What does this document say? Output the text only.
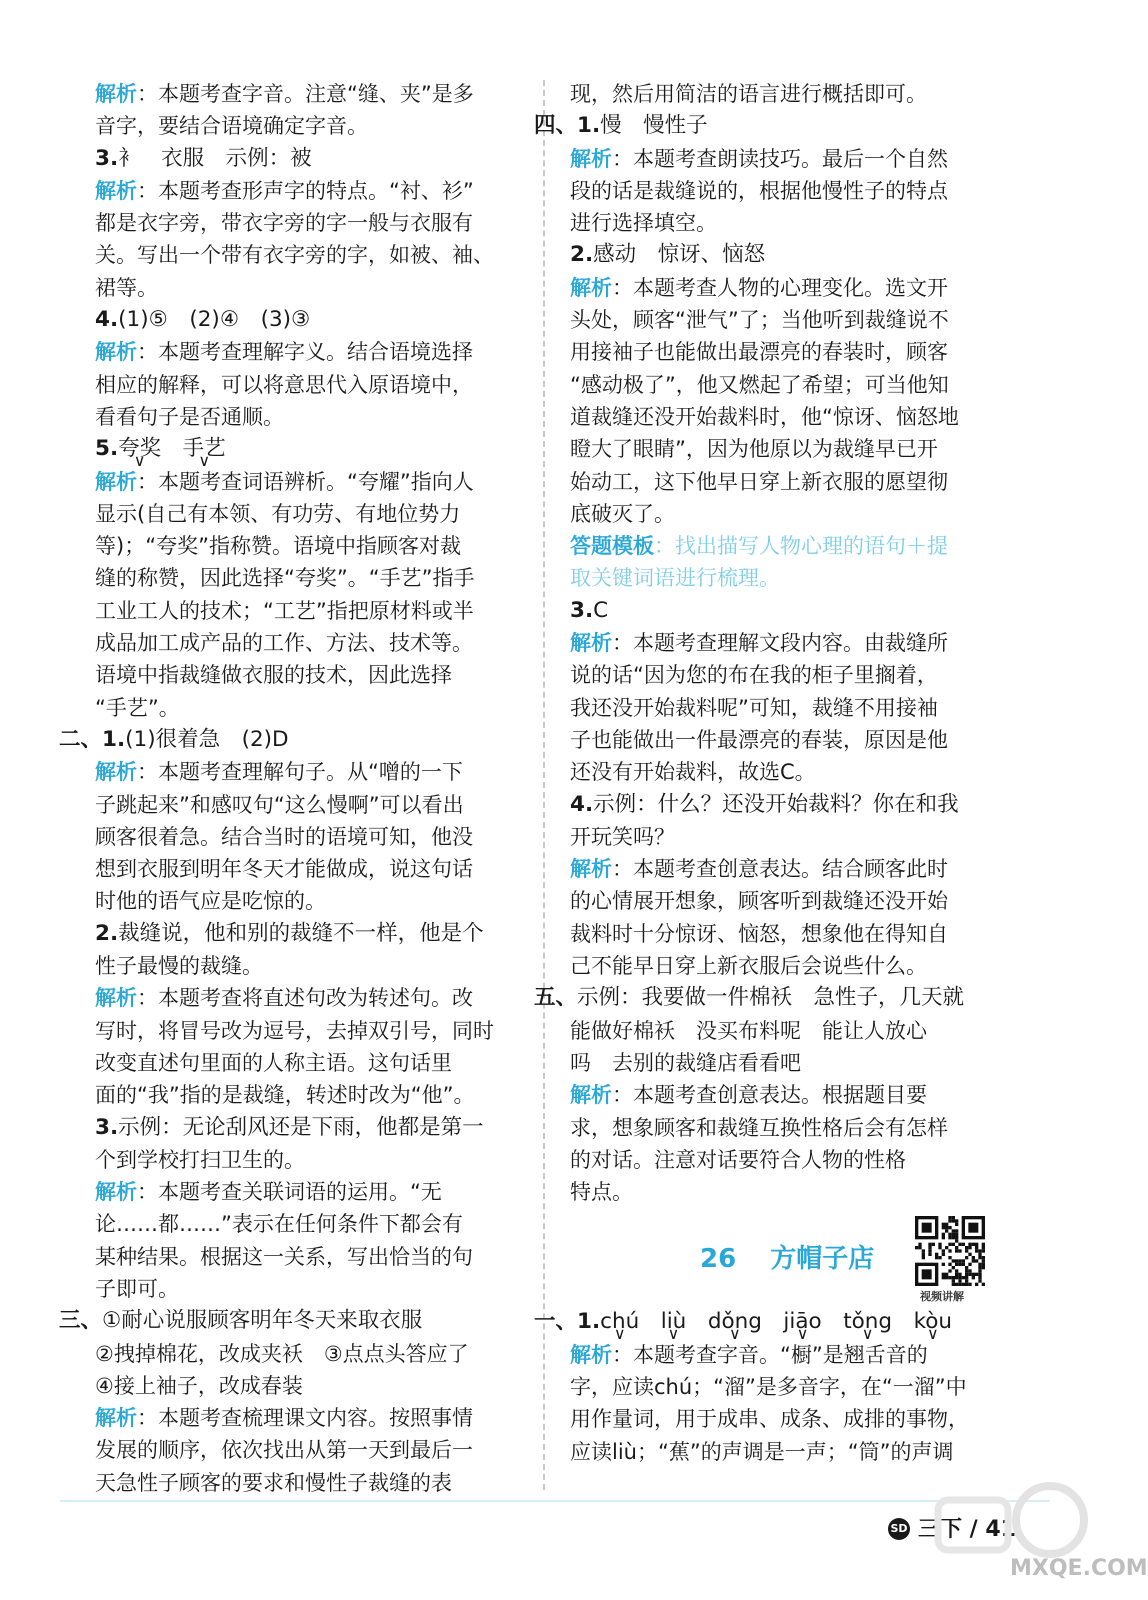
解析：本题考查字音。注意“缝、夹”是多
音字，要结合语境确定字音。
3.衤　衣服　示例：被
解析：本题考查形声字的特点。“衬、衫”
都是衣字旁，带衣字旁的字一般与衣服有
关。写出一个带有衣字旁的字，如被、袖、
裙等。
4.(1)⑤　(2)④　(3)③
解析：本题考查理解字义。结合语境选择
相应的解释，可以将意思代入原语境中，
看看句子是否通顺。
5.夸奖 ∨　 手艺 ∨
解析：本题考查词语辨析。“夸耀”指向人
显示(自己有本领、有功劳、有地位势力
等)；“夸奖”指称赞。语境中指顾客对裁
缝的称赞，因此选择“夸奖”。“手艺”指手
工业工人的技术；“工艺”指把原材料或半
成品加工成产品的工作、方法、技术等。
语境中指裁缝做衣服的技术，因此选择
“手艺”。
二、1.(1)很着急　(2)D
解析：本题考查理解句子。从“噌的一下
子跳起来”和感叹句“这么慢啊”可以看出
顾客很着急。结合当时的语境可知，他没
想到衣服到明年冬天才能做成，说这句话
时他的语气应是吃惊的。
2.裁缝说，他和别的裁缝不一样，他是个
性子最慢的裁缝。
解析：本题考查将直述句改为转述句。改
写时，将冒号改为逗号，去掉双引号，同时
改变直述句里面的人称主语。这句话里
面的“我”指的是裁缝，转述时改为“他”。
3.示例：无论刮风还是下雨，他都是第一
个到学校打扫卫生的。
解析：本题考查关联词语的运用。“无
论……都……”表示在任何条件下都会有
某种结果。根据这一关系，写出恰当的句
子即可。
三、①耐心说服顾客明年冬天来取衣服
②拽掉棉花，改成夹袄　③点点头答应了
④接上袖子，改成春装
解析：本题考查梳理课文内容。按照事情
发展的顺序，依次找出从第一天到最后一
天急性子顾客的要求和慢性子裁缝的表
现，然后用简洁的语言进行概括即可。
四、1.慢　慢性子
解析：本题考查朗读技巧。最后一个自然
段的话是裁缝说的，根据他慢性子的特点
进行选择填空。
2.感动　惊讶、恼怒
解析：本题考查人物的心理变化。选文开
头处，顾客“泄气”了；当他听到裁缝说不
用接袖子也能做出最漂亮的春装时，顾客
“感动极了”，他又燃起了希望；可当他知
道裁缝还没开始裁料时，他“惊讶、恼怒地
瞪大了眼睛”，因为他原以为裁缝早已开
始动工，这下他早日穿上新衣服的愿望彻
底破灭了。
答题模板：找出描写人物心理的语句＋提
取关键词语进行梳理。
3.C
解析：本题考查理解文段内容。由裁缝所
说的话“因为您的布在我的柜子里搁着，
我还没开始裁料呢”可知，裁缝不用接袖
子也能做出一件最漂亮的春装，原因是他
还没有开始裁料，故选C。
4.示例：什么？还没开始裁料？你在和我
开玩笑吗？
解析：本题考查创意表达。结合顾客此时
的心情展开想象，顾客听到裁缝还没开始
裁料时十分惊讶、恼怒，想象他在得知自
己不能早日穿上新衣服后会说些什么。
五、示例：我要做一件棉袄　急性子，几天就
能做好棉袄　没买布料呢　能让人放心
吗　去别的裁缝店看看吧
解析：本题考查创意表达。根据题目要
求，想象顾客和裁缝互换性格后会有怎样
的对话。注意对话要符合人物的性格
特点。
26 方帽子店
视频讲解
一、1.chú ∨　 liù ∨　 dǒng ∨　 jiāo ∨　 tǒng ∨　 kòu ∨
解析：本题考查字音。“橱”是翘舌音的
字，应读chú；“溜”是多音字，在“一溜”中
用作量词，用于成串、成条、成排的事物，
应读liù；“蕉”的声调是一声；“筒”的声调
SD 三下 / 41
MXQE.COM
